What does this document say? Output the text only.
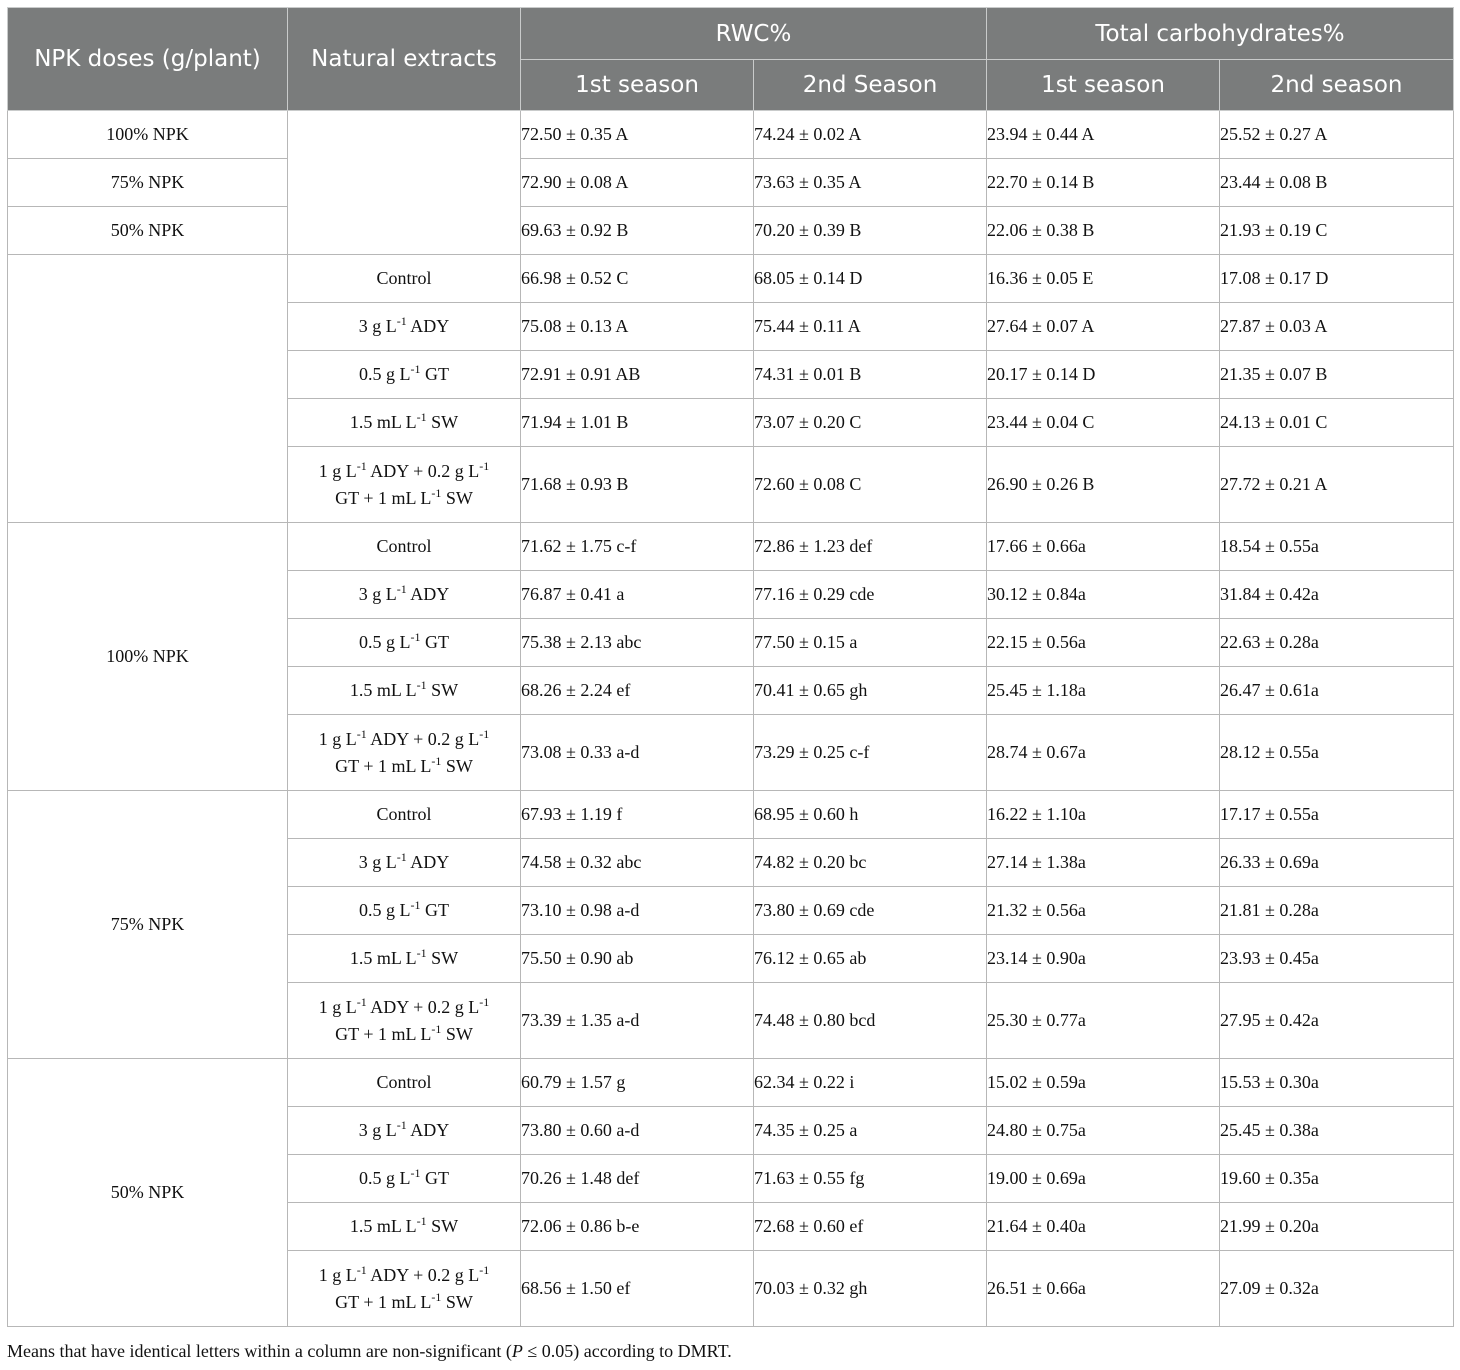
NPK doses (g/plant)	Natural extracts	RWC%		Total carbohydrates%	
		1st season	2nd Season	1st season	2nd season
100% NPK		72.50 ± 0.35 A	74.24 ± 0.02 A	23.94 ± 0.44 A	25.52 ± 0.27 A
75% NPK		72.90 ± 0.08 A	73.63 ± 0.35 A	22.70 ± 0.14 B	23.44 ± 0.08 B
50% NPK		69.63 ± 0.92 B	70.20 ± 0.39 B	22.06 ± 0.38 B	21.93 ± 0.19 C
	Control	66.98 ± 0.52 C	68.05 ± 0.14 D	16.36 ± 0.05 E	17.08 ± 0.17 D
	3 g $L^{-1}$ ADY	75.08 ± 0.13 A	75.44 ± 0.11 A	27.64 ± 0.07 A	27.87 ± 0.03 A
	0.5 g $L^{-1}$ GT	72.91 ± 0.91 AB	74.31 ± 0.01 B	20.17 ± 0.14 D	21.35 ± 0.07 B
	1.5 mL $L^{-1}$ SW	71.94 ± 1.01 B	73.07 ± 0.20 C	23.44 ± 0.04 C	24.13 ± 0.01 C
	1 g $L^{-1}$ ADY + 0.2 g $L^{-1}$
GT + 1 mL $L^{-1}$ SW	71.68 ± 0.93 B	72.60 ± 0.08 C	26.90 ± 0.26 B	27.72 ± 0.21 A
100% NPK	Control	71.62 ± 1.75 c-f	72.86 ± 1.23 def	17.66 ± 0.66a	18.54 ± 0.55a
	3 g $L^{-1}$ ADY	76.87 ± 0.41 a	77.16 ± 0.29 cde	30.12 ± 0.84a	31.84 ± 0.42a
	0.5 g $L^{-1}$ GT	75.38 ± 2.13 abc	77.50 ± 0.15 a	22.15 ± 0.56a	22.63 ± 0.28a
	1.5 mL $L^{-1}$ SW	68.26 ± 2.24 ef	70.41 ± 0.65 gh	25.45 ± 1.18a	26.47 ± 0.61a
	1 g $L^{-1}$ ADY + 0.2 g $L^{-1}$
GT + 1 mL $L^{-1}$ SW	73.08 ± 0.33 a-d	73.29 ± 0.25 c-f	28.74 ± 0.67a	28.12 ± 0.55a
75% NPK	Control	67.93 ± 1.19 f	68.95 ± 0.60 h	16.22 ± 1.10a	17.17 ± 0.55a
	3 g $L^{-1}$ ADY	74.58 ± 0.32 abc	74.82 ± 0.20 bc	27.14 ± 1.38a	26.33 ± 0.69a
	0.5 g $L^{-1}$ GT	73.10 ± 0.98 a-d	73.80 ± 0.69 cde	21.32 ± 0.56a	21.81 ± 0.28a
	1.5 mL $L^{-1}$ SW	75.50 ± 0.90 ab	76.12 ± 0.65 ab	23.14 ± 0.90a	23.93 ± 0.45a
	1 g $L^{-1}$ ADY + 0.2 g $L^{-1}$
GT + 1 mL $L^{-1}$ SW	73.39 ± 1.35 a-d	74.48 ± 0.80 bcd	25.30 ± 0.77a	27.95 ± 0.42a
50% NPK	Control	60.79 ± 1.57 g	62.34 ± 0.22 i	15.02 ± 0.59a	15.53 ± 0.30a
	3 g $L^{-1}$ ADY	73.80 ± 0.60 a-d	74.35 ± 0.25 a	24.80 ± 0.75a	25.45 ± 0.38a
	0.5 g $L^{-1}$ GT	70.26 ± 1.48 def	71.63 ± 0.55 fg	19.00 ± 0.69a	19.60 ± 0.35a
	1.5 mL $L^{-1}$ SW	72.06 ± 0.86 b-e	72.68 ± 0.60 ef	21.64 ± 0.40a	21.99 ± 0.20a
	1 g $L^{-1}$ ADY + 0.2 g $L^{-1}$
GT + 1 mL $L^{-1}$ SW	68.56 ± 1.50 ef	70.03 ± 0.32 gh	26.51 ± 0.66a	27.09 ± 0.32a
Means that have identical letters within a column are non-significant (P ≤ 0.05) according to DMRT.
